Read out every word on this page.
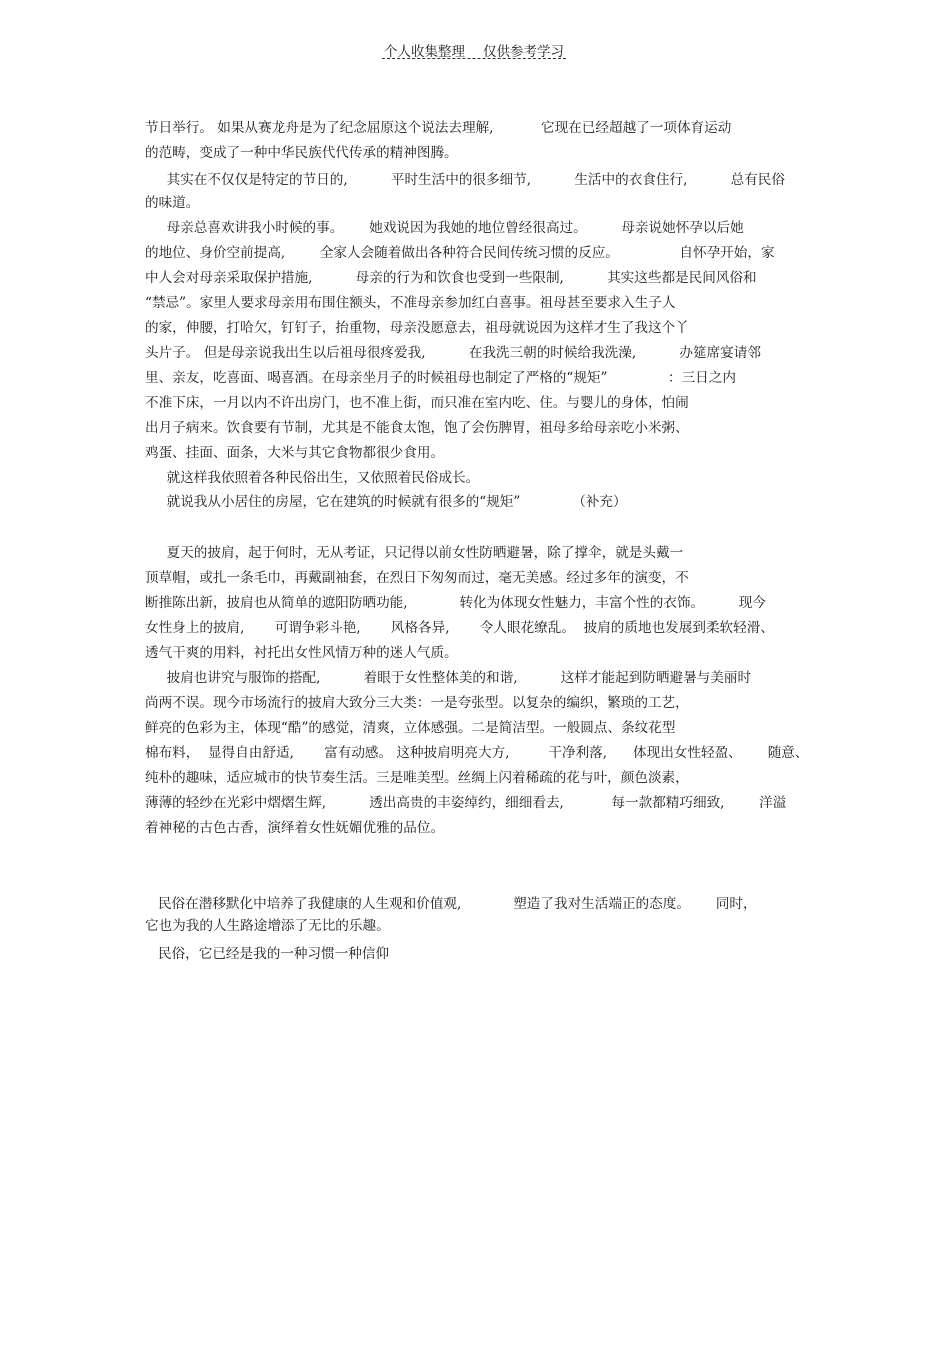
个人收集整理 仅供参考学习
节日举行。 如果从赛龙舟是为了纪念屈原这个说法去理解,           它现在已经超越了一项体育运动
的范畴，变成了一种中华民族代代传承的精神图腾。
其实在不仅仅是特定的节日的,          平时生活中的很多细节,          生活中的衣食住行,          总有民俗
的味道。
母亲总喜欢讲我小时候的事。      她戏说因为我她的地位曾经很高过。        母亲说她怀孕以后她
的地位、身价空前提高,        全家人会随着做出各种符合民间传统习惯的反应。              自怀孕开始，家
中人会对母亲采取保护措施,          母亲的行为和饮食也受到一些限制,          其实这些都是民间风俗和
“禁忌”。家里人要求母亲用布围住额头，不准母亲参加红白喜事。祖母甚至要求入生子人
的家，伸腰，打哈欠，钉钉子，抬重物，母亲没愿意去，祖母就说因为这样才生了我这个丫
头片子。 但是母亲说我出生以后祖母很疼爱我,          在我洗三朝的时候给我洗澡,          办筵席宴请邻
里、亲友，吃喜面、喝喜酒。在母亲坐月子的时候祖母也制定了严格的“规矩”              ：三日之内
不准下床，一月以内不许出房门，也不准上街，而只准在室内吃、住。与婴儿的身体，怕闹
出月子病来。饮食要有节制，尤其是不能食太饱，饱了会伤脾胃，祖母多给母亲吃小米粥、
鸡蛋、挂面、面条，大米与其它食物都很少食用。
就这样我依照着各种民俗出生，又依照着民俗成长。
就说我从小居住的房屋，它在建筑的时候就有很多的“规矩”            （补充）
夏天的披肩，起于何时，无从考证，只记得以前女性防晒避暑，除了撑伞，就是头戴一
顶草帽，或扎一条毛巾，再戴副袖套，在烈日下匆匆而过，毫无美感。经过多年的演变，不
断推陈出新，披肩也从简单的遮阳防晒功能,            转化为体现女性魅力，丰富个性的衣饰。        现今
女性身上的披肩,       可谓争彩斗艳,       风格各异,       令人眼花缭乱。  披肩的质地也发展到柔软轻滑、
透气干爽的用料，衬托出女性风情万种的迷人气质。
披肩也讲究与服饰的搭配,          着眼于女性整体美的和谐,          这样才能起到防晒避暑与美丽时
尚两不误。现今市场流行的披肩大致分三大类：一是夸张型。以复杂的编织，繁琐的工艺，
鲜亮的色彩为主，体现“酷”的感觉，清爽，立体感强。二是简洁型。一般圆点、条纹花型
棉布料，  显得自由舒适,       富有动感。 这种披肩明亮大方,         干净利落,      体现出女性轻盈、      随意、
纯朴的趣味，适应城市的快节奏生活。三是唯美型。丝绸上闪着稀疏的花与叶，颜色淡素，
薄薄的轻纱在光彩中熠熠生辉,          透出高贵的丰姿绰约，细细看去,           每一款都精巧细致,        洋溢
着神秘的古色古香，演绎着女性妩媚优雅的品位。
民俗在潜移默化中培养了我健康的人生观和价值观,            塑造了我对生活端正的态度。      同时，
它也为我的人生路途增添了无比的乐趣。
民俗，它已经是我的一种习惯一种信仰
